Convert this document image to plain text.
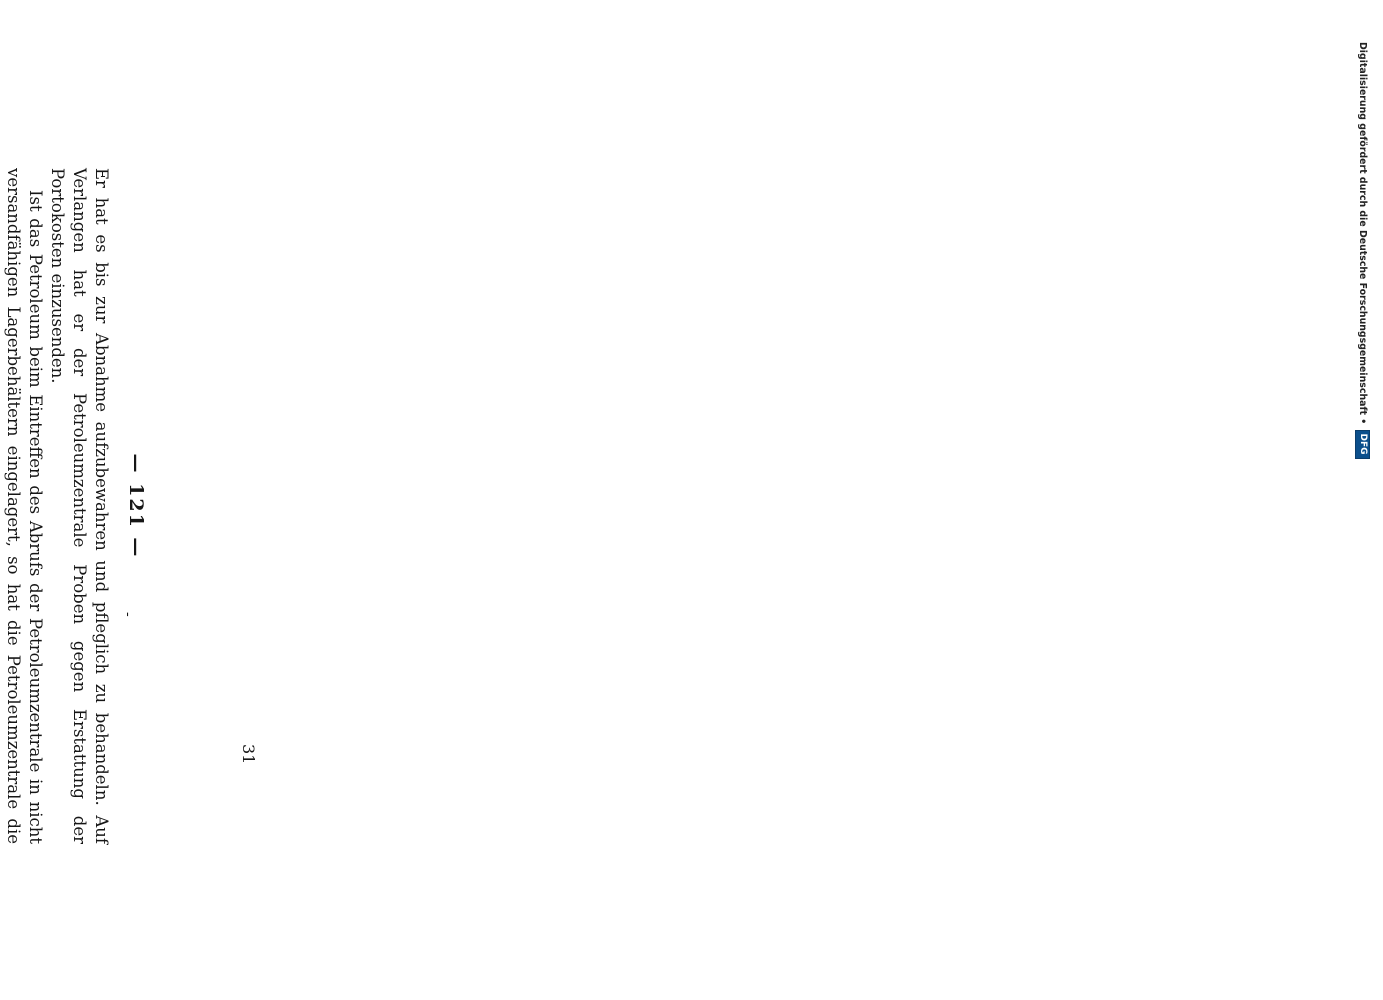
— 121 —

Er hat es bis zur Abnahme aufzubewahren und pfleglich zu behandeln. Auf Verlangen hat er der Petroleumzentrale Proben gegen Erstattung der Portokosten einzusenden.

Ist das Petroleum beim Eintreffen des Abrufs der Petroleumzentrale in nicht versandfähigen Lagerbehältern eingelagert, so hat die Petroleumzentrale die

31
‐
Digitalisierung gefördert durch die Deutsche Forschungsgemeinschaft • DFG
